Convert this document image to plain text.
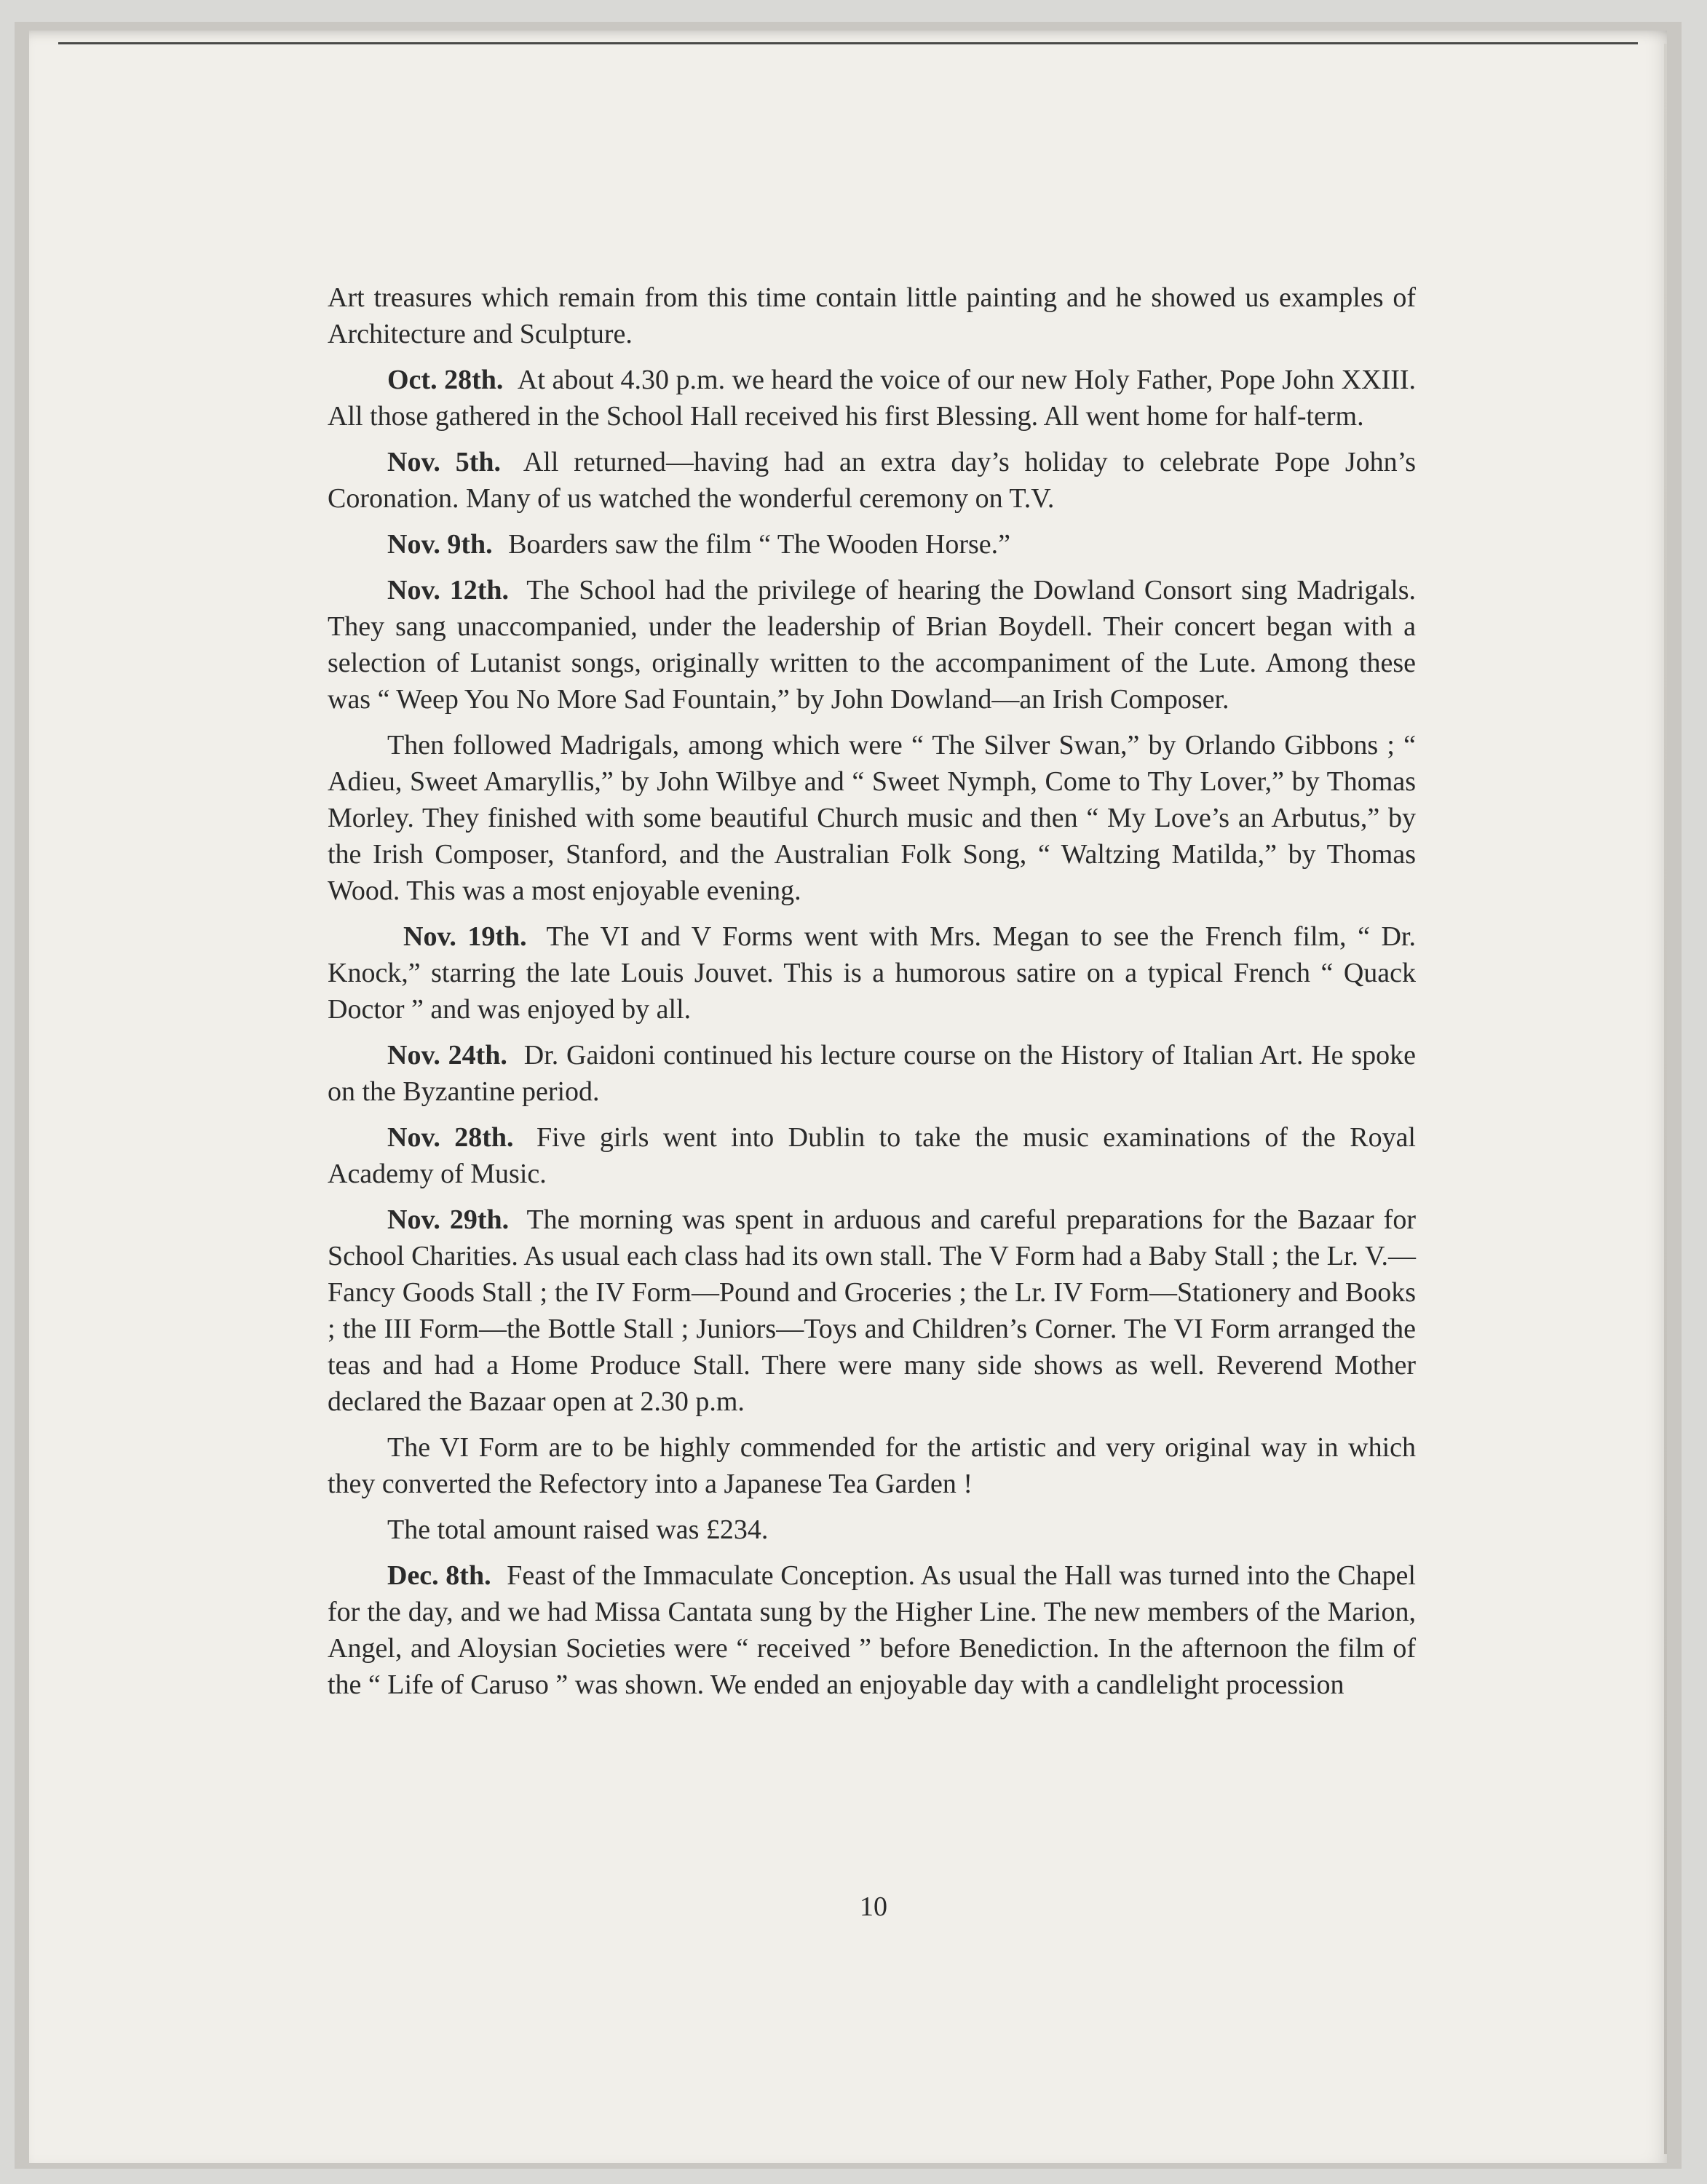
Art treasures which remain from this time contain little painting and he showed us examples of Architecture and Sculpture.

Oct. 28th. At about 4.30 p.m. we heard the voice of our new Holy Father, Pope John XXIII. All those gathered in the School Hall received his first Blessing. All went home for half-term.

Nov. 5th. All returned—having had an extra day’s holiday to celebrate Pope John’s Coronation. Many of us watched the wonderful ceremony on T.V.

Nov. 9th. Boarders saw the film “ The Wooden Horse.”

Nov. 12th. The School had the privilege of hearing the Dowland Consort sing Madrigals. They sang unaccompanied, under the leadership of Brian Boydell. Their concert began with a selection of Lutanist songs, originally written to the accompaniment of the Lute. Among these was “ Weep You No More Sad Fountain,” by John Dowland—an Irish Composer.

Then followed Madrigals, among which were “ The Silver Swan,” by Orlando Gibbons ; “ Adieu, Sweet Amaryllis,” by John Wilbye and “ Sweet Nymph, Come to Thy Lover,” by Thomas Morley. They finished with some beautiful Church music and then “ My Love’s an Arbutus,” by the Irish Composer, Stanford, and the Australian Folk Song, “ Waltzing Matilda,” by Thomas Wood. This was a most enjoyable evening.

Nov. 19th. The VI and V Forms went with Mrs. Megan to see the French film, “ Dr. Knock,” starring the late Louis Jouvet. This is a humorous satire on a typical French “ Quack Doctor ” and was enjoyed by all.

Nov. 24th. Dr. Gaidoni continued his lecture course on the History of Italian Art. He spoke on the Byzantine period.

Nov. 28th. Five girls went into Dublin to take the music examinations of the Royal Academy of Music.

Nov. 29th. The morning was spent in arduous and careful preparations for the Bazaar for School Charities. As usual each class had its own stall. The V Form had a Baby Stall ; the Lr. V.—Fancy Goods Stall ; the IV Form—Pound and Groceries ; the Lr. IV Form—Stationery and Books ; the III Form—the Bottle Stall ; Juniors—Toys and Children’s Corner. The VI Form arranged the teas and had a Home Produce Stall. There were many side shows as well. Reverend Mother declared the Bazaar open at 2.30 p.m.

The VI Form are to be highly commended for the artistic and very original way in which they converted the Refectory into a Japanese Tea Garden !

The total amount raised was £234.

Dec. 8th. Feast of the Immaculate Conception. As usual the Hall was turned into the Chapel for the day, and we had Missa Cantata sung by the Higher Line. The new members of the Marion, Angel, and Aloysian Societies were “ received ” before Benediction. In the afternoon the film of the “ Life of Caruso ” was shown. We ended an enjoyable day with a candlelight procession

10
